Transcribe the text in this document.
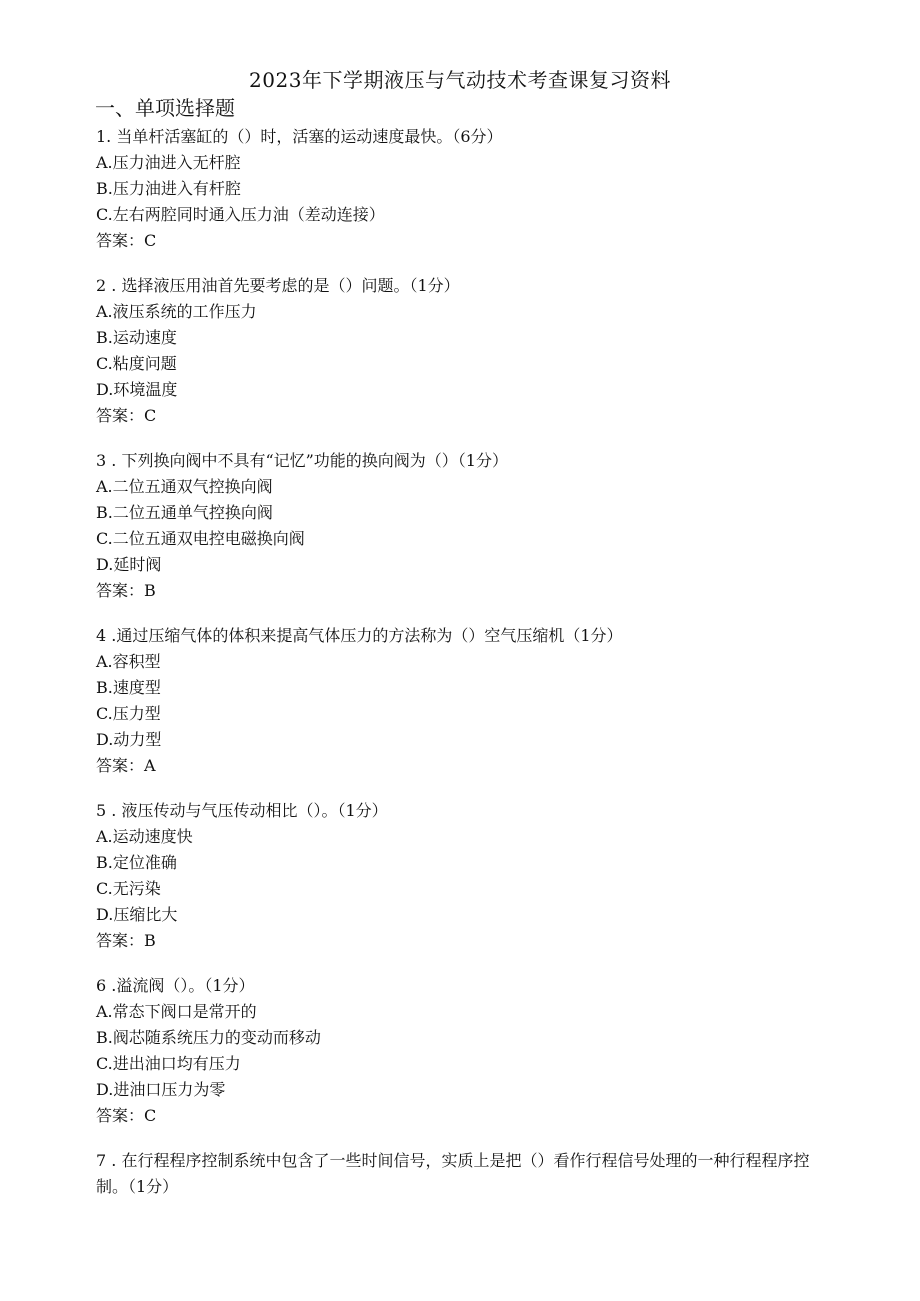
2023年下学期液压与气动技术考查课复习资料
一、单项选择题
1. 当单杆活塞缸的（）时，活塞的运动速度最快。（6分）
A.压力油进入无杆腔
B.压力油进入有杆腔
C.左右两腔同时通入压力油（差动连接）
答案：C
2 . 选择液压用油首先要考虑的是（）问题。（1分）
A.液压系统的工作压力
B.运动速度
C.粘度问题
D.环境温度
答案：C
3 . 下列换向阀中不具有“记忆”功能的换向阀为（）（1分）
A.二位五通双气控换向阀
B.二位五通单气控换向阀
C.二位五通双电控电磁换向阀
D.延时阀
答案：B
4 .通过压缩气体的体积来提高气体压力的方法称为（）空气压缩机（1分）
A.容积型
B.速度型
C.压力型
D.动力型
答案：A
5 . 液压传动与气压传动相比（）。（1分）
A.运动速度快
B.定位准确
C.无污染
D.压缩比大
答案：B
6 .溢流阀（）。（1分）
A.常态下阀口是常开的
B.阀芯随系统压力的变动而移动
C.进出油口均有压力
D.进油口压力为零
答案：C
7 . 在行程程序控制系统中包含了一些时间信号，实质上是把（）看作行程信号处理的一种行程程序控制。（1分）
